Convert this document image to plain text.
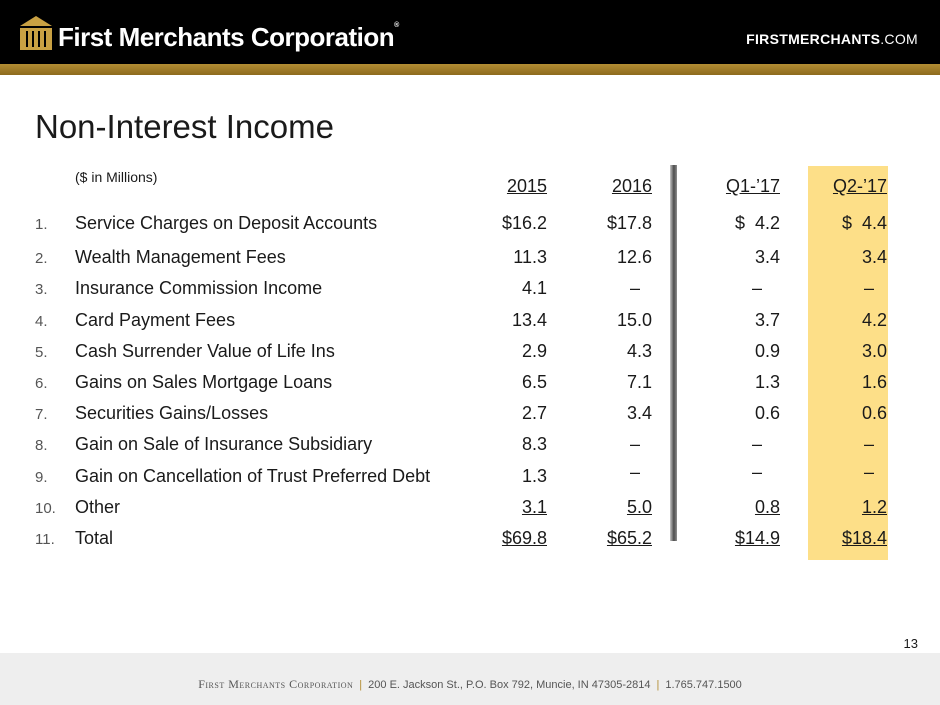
First Merchants Corporation®
FIRSTMERCHANTS.COM
Non-Interest Income
($ in Millions)	2015	2016	Q1-’17	Q2-’17
1. Service Charges on Deposit Accounts	$16.2	$17.8	$  4.2	$  4.4
2. Wealth Management Fees	11.3	12.6	3.4	3.4
3. Insurance Commission Income	4.1	–	–	–
4. Card Payment Fees	13.4	15.0	3.7	4.2
5. Cash Surrender Value of Life Ins	2.9	4.3	0.9	3.0
6. Gains on Sales Mortgage Loans	6.5	7.1	1.3	1.6
7. Securities Gains/Losses	2.7	3.4	0.6	0.6
8. Gain on Sale of Insurance Subsidiary	8.3	–	–	–
9. Gain on Cancellation of Trust Preferred Debt	1.3	–	–	–
10. Other	3.1	5.0	0.8	1.2
11. Total	$69.8	$65.2	$14.9	$18.4
13
First Merchants Corporation | 200 E. Jackson St., P.O. Box 792, Muncie, IN 47305-2814 | 1.765.747.1500
